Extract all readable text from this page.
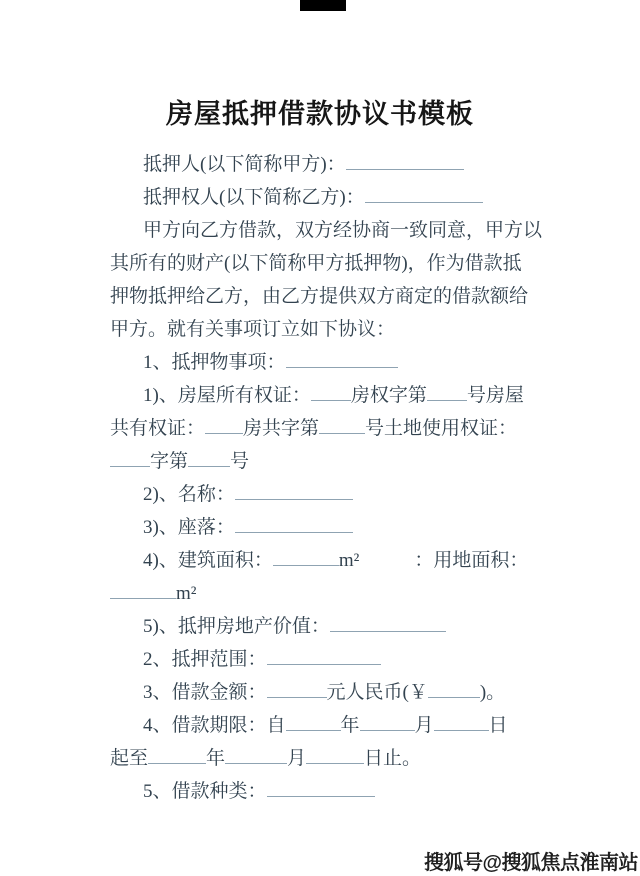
房屋抵押借款协议书模板
抵押人(以下简称甲方)：
抵押权人(以下简称乙方)：
甲方向乙方借款，双方经协商一致同意，甲方以
其所有的财产(以下简称甲方抵押物)，作为借款抵
押物抵押给乙方，由乙方提供双方商定的借款额给
甲方。就有关事项订立如下协议：
1、抵押物事项：
1)、房屋所有权证： 房权字第 号房屋
共有权证： 房共字第 号土地使用权证：
字第 号
2)、名称：
3)、座落：
4)、建筑面积：	m²	：用地面积：
m²
5)、抵押房地产价值：
2、抵押范围：
3、借款金额：	元人民币(￥	)。
4、借款期限：自	年	月	日
起至	年	月	日止。
5、借款种类：
搜狐号@搜狐焦点淮南站
